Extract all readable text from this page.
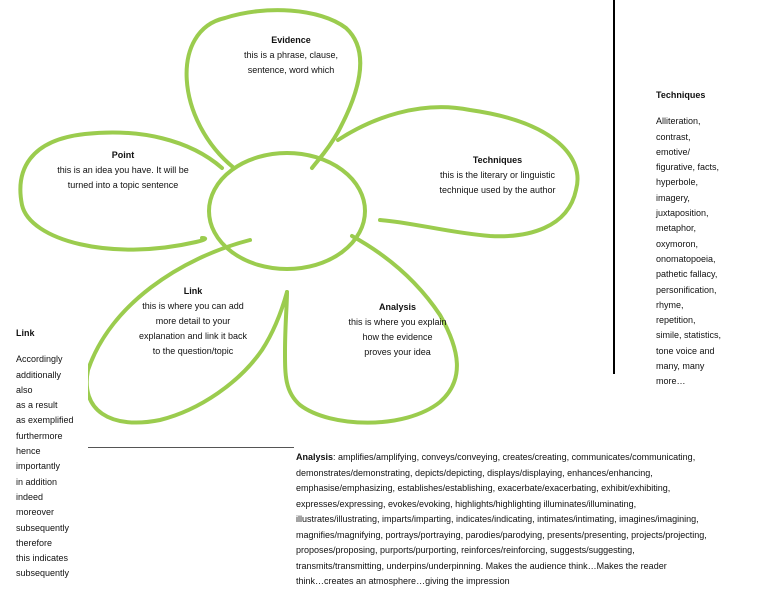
Evidence
this is a phrase, clause,
sentence, word which
Point
this is an idea you have. It will be
turned into a topic sentence
Techniques
this is the literary or linguistic
technique used by the author
Link
this is where you can add
more detail to your
explanation and link it back
to the question/topic
Analysis
this is where you explain
how the evidence
proves your idea
Techniques
Alliteration,
contrast,
emotive/
figurative, facts,
hyperbole,
imagery,
juxtaposition,
metaphor,
oxymoron,
onomatopoeia,
pathetic fallacy,
personification,
rhyme,
repetition,
simile, statistics,
tone voice and
many, many
more…
Link
Accordingly
additionally
also
as a result
as exemplified
furthermore
hence
importantly
in addition
indeed
moreover
subsequently
therefore
this indicates
subsequently
Analysis: amplifies/amplifying, conveys/conveying, creates/creating, communicates/communicating,
demonstrates/demonstrating, depicts/depicting, displays/displaying, enhances/enhancing,
emphasise/emphasizing, establishes/establishing, exacerbate/exacerbating, exhibit/exhibiting,
expresses/expressing, evokes/evoking, highlights/highlighting illuminates/illuminating,
illustrates/illustrating, imparts/imparting, indicates/indicating, intimates/intimating, imagines/imagining,
magnifies/magnifying, portrays/portraying, parodies/parodying, presents/presenting, projects/projecting,
proposes/proposing, purports/purporting, reinforces/reinforcing, suggests/suggesting,
transmits/transmitting, underpins/underpinning. Makes the audience think…Makes the reader
think…creates an atmosphere…giving the impression
